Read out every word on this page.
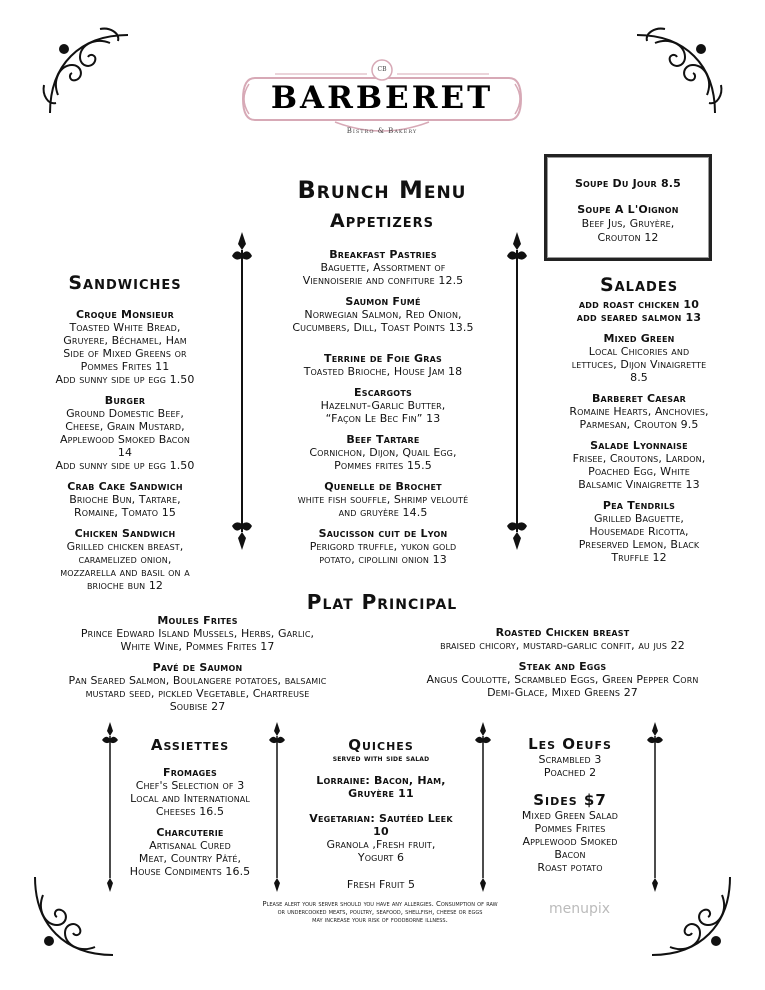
CB
BARBERET
Bistro & Bakery
Brunch Menu	Soupe Du Jour 8.5
Soupe A L'Oignon
Beef Jus, Gruyère,
Crouton 12
Appetizers
Breakfast Pastries
Baguette, Assortment of
Viennoiserie and confiture 12.5
Saumon Fumé
Norwegian Salmon, Red Onion,
Cucumbers, Dill, Toast Points 13.5
Terrine de Foie Gras
Toasted Brioche, House Jam 18
Escargots
Hazelnut-Garlic Butter,
“Façon Le Bec Fin” 13
Beef Tartare
Cornichon, Dijon, Quail Egg,
Pommes frites 15.5
Quenelle de Brochet
white fish souffle, Shrimp velouté
and gruyère 14.5
Saucisson cuit de Lyon
Perigord truffle, yukon gold
potato, cipollini onion 13
Sandwiches
Croque Monsieur
Toasted White Bread,
Gruyere, Béchamel, Ham
Side of Mixed Greens or
Pommes Frites 11
Add sunny side up egg 1.50
Burger
Ground Domestic Beef,
Cheese, Grain Mustard,
Applewood Smoked Bacon
14
Add sunny side up egg 1.50
Crab Cake Sandwich
Brioche Bun, Tartare,
Romaine, Tomato 15
Chicken Sandwich
Grilled chicken breast,
caramelized onion,
mozzarella and basil on a
brioche bun 12
Salades
add roast chicken 10
add seared salmon 13
Mixed Green
Local Chicories and
lettuces, Dijon Vinaigrette
8.5
Barberet Caesar
Romaine Hearts, Anchovies,
Parmesan, Crouton 9.5
Salade Lyonnaise
Frisee, Croutons, Lardon,
Poached Egg, White
Balsamic Vinaigrette 13
Pea Tendrils
Grilled Baguette,
Housemade Ricotta,
Preserved Lemon, Black
Truffle 12
Plat Principal
Moules Frites
Prince Edward Island Mussels, Herbs, Garlic,
White Wine, Pommes Frites 17
Pavé de Saumon
Pan Seared Salmon, Boulangere potatoes, balsamic
mustard seed, pickled Vegetable, Chartreuse
Soubise 27
Roasted Chicken breast
braised chicory, mustard-garlic confit, au jus 22
Steak and Eggs
Angus Coulotte, Scrambled Eggs, Green Pepper Corn
Demi-Glace, Mixed Greens 27
Assiettes
Fromages
Chef's Selection of 3
Local and International
Cheeses 16.5
Charcuterie
Artisanal Cured
Meat, Country Pâté,
House Condiments 16.5
Quiches
served with side salad
Lorraine: Bacon, Ham,
Gruyère 11
Vegetarian: Sautéed Leek
10
Granola ,Fresh fruit,
Yogurt 6
Fresh Fruit 5
Les Oeufs
Scrambled 3
Poached 2
Sides $7
Mixed Green Salad
Pommes Frites
Applewood Smoked
Bacon
Roast potato
Please alert your server should you have any allergies. Consumption of raw
or undercooked meats, poultry, seafood, shellfish, cheese or eggs
may increase your risk of foodborne illness.
menupix
